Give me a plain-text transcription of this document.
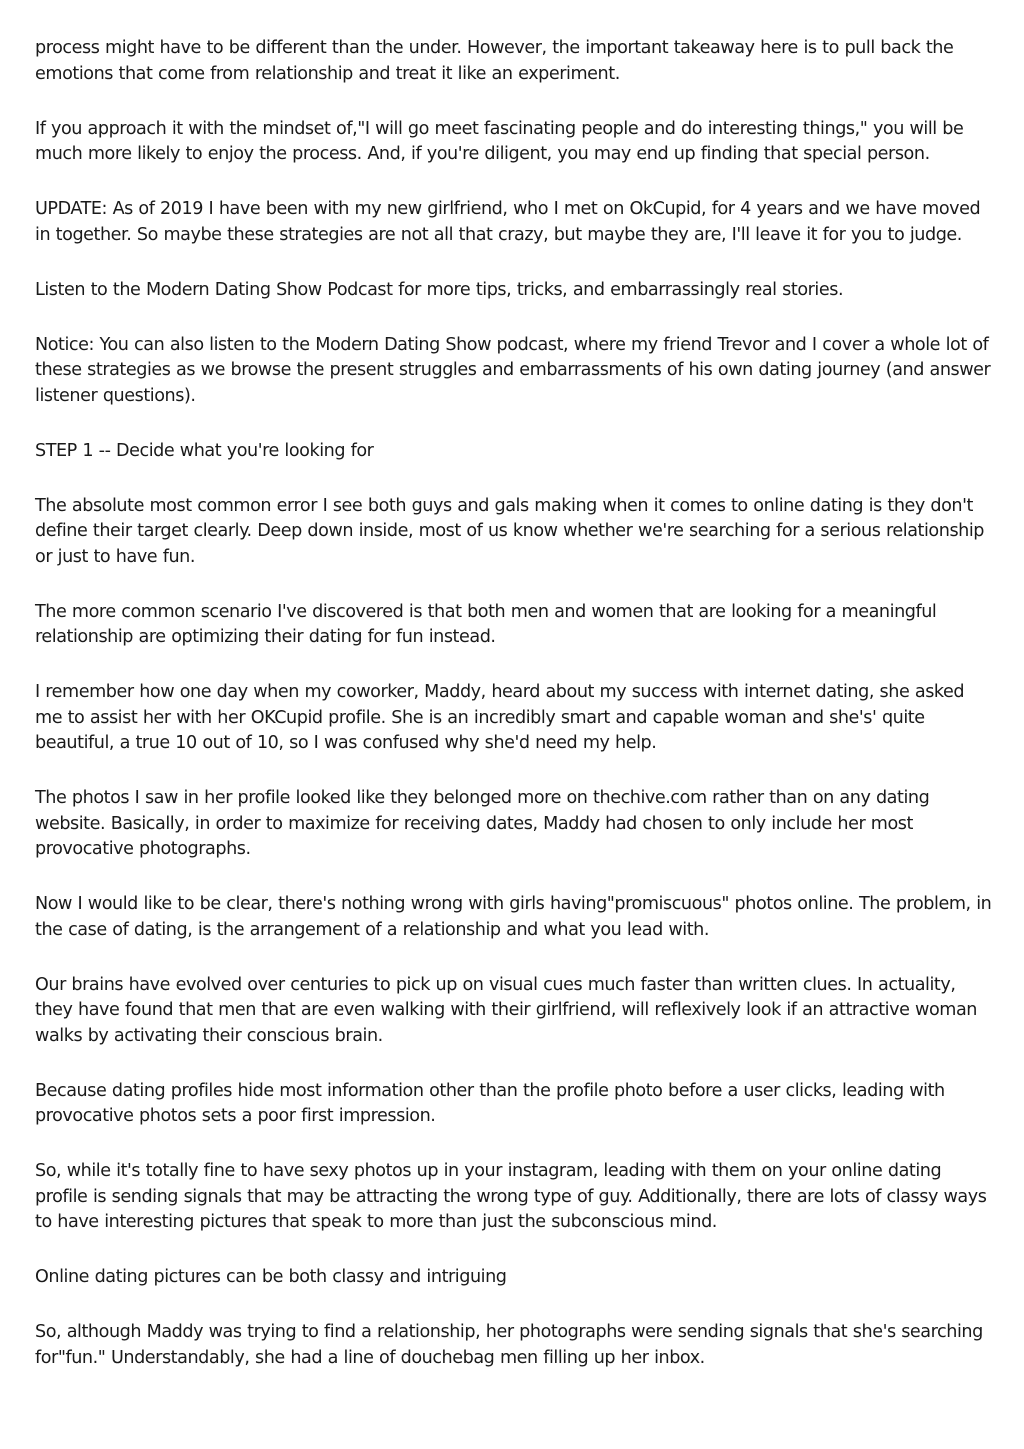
process might have to be different than the under. However, the important takeaway here is to pull back the emotions that come from relationship and treat it like an experiment.

If you approach it with the mindset of,"I will go meet fascinating people and do interesting things," you will be much more likely to enjoy the process. And, if you're diligent, you may end up finding that special person.

UPDATE: As of 2019 I have been with my new girlfriend, who I met on OkCupid, for 4 years and we have moved in together. So maybe these strategies are not all that crazy, but maybe they are, I'll leave it for you to judge.

Listen to the Modern Dating Show Podcast for more tips, tricks, and embarrassingly real stories.

Notice: You can also listen to the Modern Dating Show podcast, where my friend Trevor and I cover a whole lot of these strategies as we browse the present struggles and embarrassments of his own dating journey (and answer listener questions).

STEP 1 -- Decide what you're looking for

The absolute most common error I see both guys and gals making when it comes to online dating is they don't define their target clearly. Deep down inside, most of us know whether we're searching for a serious relationship or just to have fun.

The more common scenario I've discovered is that both men and women that are looking for a meaningful relationship are optimizing their dating for fun instead.

I remember how one day when my coworker, Maddy, heard about my success with internet dating, she asked me to assist her with her OKCupid profile. She is an incredibly smart and capable woman and she's' quite beautiful, a true 10 out of 10, so I was confused why she'd need my help.

The photos I saw in her profile looked like they belonged more on thechive.com rather than on any dating website. Basically, in order to maximize for receiving dates, Maddy had chosen to only include her most provocative photographs.

Now I would like to be clear, there's nothing wrong with girls having"promiscuous" photos online. The problem, in the case of dating, is the arrangement of a relationship and what you lead with.

Our brains have evolved over centuries to pick up on visual cues much faster than written clues. In actuality, they have found that men that are even walking with their girlfriend, will reflexively look if an attractive woman walks by activating their conscious brain.

Because dating profiles hide most information other than the profile photo before a user clicks, leading with provocative photos sets a poor first impression.

So, while it's totally fine to have sexy photos up in your instagram, leading with them on your online dating profile is sending signals that may be attracting the wrong type of guy. Additionally, there are lots of classy ways to have interesting pictures that speak to more than just the subconscious mind.

Online dating pictures can be both classy and intriguing

So, although Maddy was trying to find a relationship, her photographs were sending signals that she's searching for"fun." Understandably, she had a line of douchebag men filling up her inbox.
